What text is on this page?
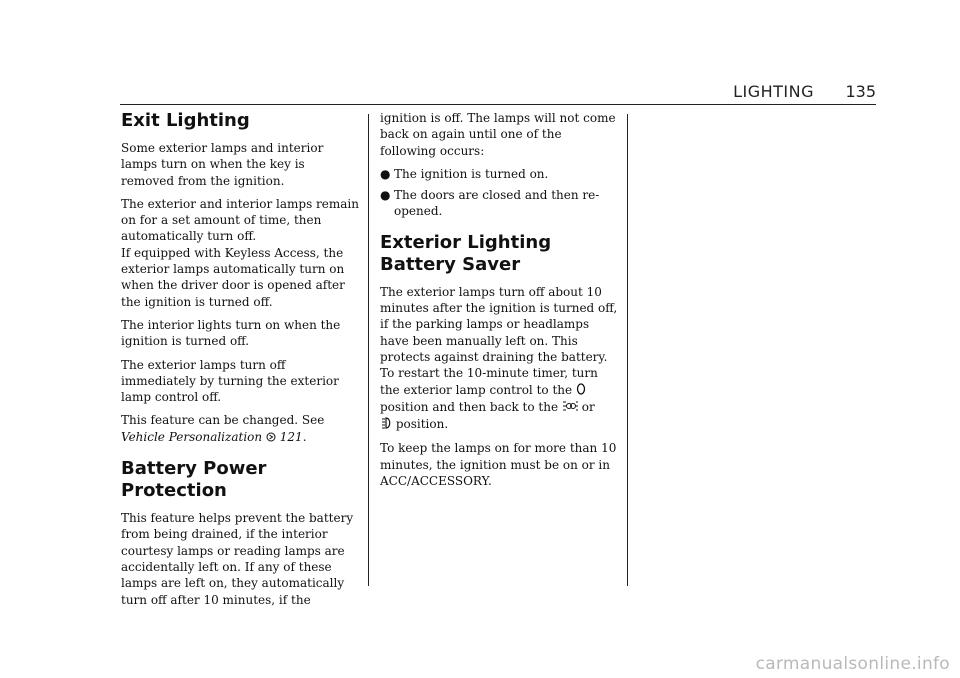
LIGHTING 135
Exit Lighting

Some exterior lamps and interior lamps turn on when the key is removed from the ignition.

The exterior and interior lamps remain on for a set amount of time, then automatically turn off.

If equipped with Keyless Access, the exterior lamps automatically turn on when the driver door is opened after the ignition is turned off.

The interior lights turn on when the ignition is turned off.

The exterior lamps turn off immediately by turning the exterior lamp control off.

This feature can be changed. See Vehicle Personalization 121.

Battery Power Protection

This feature helps prevent the battery from being drained, if the interior courtesy lamps or reading lamps are accidentally left on. If any of these lamps are left on, they automatically turn off after 10 minutes, if the

ignition is off. The lamps will not come back on again until one of the following occurs:

● The ignition is turned on.
● The doors are closed and then re-opened.
Exterior Lighting Battery Saver

The exterior lamps turn off about 10 minutes after the ignition is turned off, if the parking lamps or headlamps have been manually left on. This protects against draining the battery. To restart the 10-minute timer, turn the exterior lamp control to the
position and then back to the or
position.

To keep the lamps on for more than 10 minutes, the ignition must be on or in ACC/ACCESSORY.

carmanualsonline.info
